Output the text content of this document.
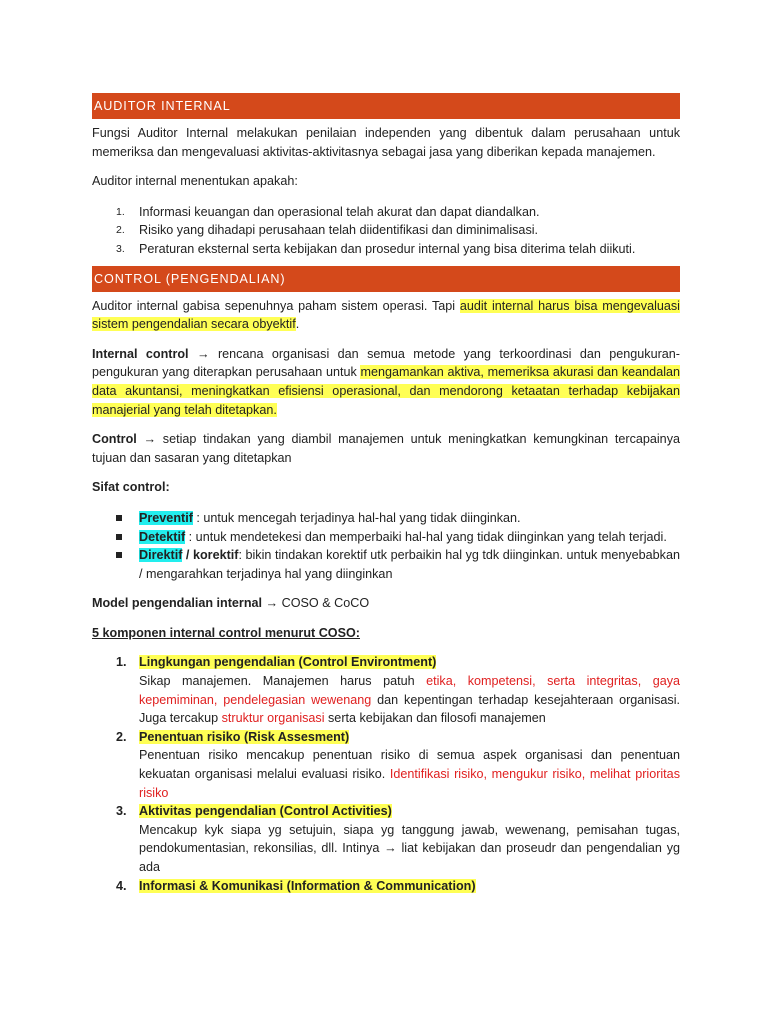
AUDITOR INTERNAL

Fungsi Auditor Internal melakukan penilaian independen yang dibentuk dalam perusahaan untuk memeriksa dan mengevaluasi aktivitas-aktivitasnya sebagai jasa yang diberikan kepada manajemen.

Auditor internal menentukan apakah:

1. Informasi keuangan dan operasional telah akurat dan dapat diandalkan.
2. Risiko yang dihadapi perusahaan telah diidentifikasi dan diminimalisasi.
3. Peraturan eksternal serta kebijakan dan prosedur internal yang bisa diterima telah diikuti.
CONTROL (PENGENDALIAN)

Auditor internal gabisa sepenuhnya paham sistem operasi. Tapi audit internal harus bisa mengevaluasi sistem pengendalian secara obyektif.

Internal control → rencana organisasi dan semua metode yang terkoordinasi dan pengukuran-pengukuran yang diterapkan perusahaan untuk mengamankan aktiva, memeriksa akurasi dan keandalan data akuntansi, meningkatkan efisiensi operasional, dan mendorong ketaatan terhadap kebijakan manajerial yang telah ditetapkan.

Control → setiap tindakan yang diambil manajemen untuk meningkatkan kemungkinan tercapainya tujuan dan sasaran yang ditetapkan

Sifat control:

Preventif : untuk mencegah terjadinya hal-hal yang tidak diinginkan.
Detektif : untuk mendetekesi dan memperbaiki hal-hal yang tidak diinginkan yang telah terjadi.
Direktif / korektif: bikin tindakan korektif utk perbaikin hal yg tdk diinginkan. untuk menyebabkan / mengarahkan terjadinya hal yang diinginkan

Model pengendalian internal → COSO & CoCO

5 komponen internal control menurut COSO:

1. Lingkungan pengendalian (Control Environtment)
Sikap manajemen. Manajemen harus patuh etika, kompetensi, serta integritas, gaya kepemiminan, pendelegasian wewenang dan kepentingan terhadap kesejahteraan organisasi. Juga tercakup struktur organisasi serta kebijakan dan filosofi manajemen
2. Penentuan risiko (Risk Assesment)
Penentuan risiko mencakup penentuan risiko di semua aspek organisasi dan penentuan kekuatan organisasi melalui evaluasi risiko. Identifikasi risiko, mengukur risiko, melihat prioritas risiko
3. Aktivitas pengendalian (Control Activities)
Mencakup kyk siapa yg setujuin, siapa yg tanggung jawab, wewenang, pemisahan tugas, pendokumentasian, rekonsilias, dll. Intinya → liat kebijakan dan proseudr dan pengendalian yg ada
4. Informasi & Komunikasi (Information & Communication)
